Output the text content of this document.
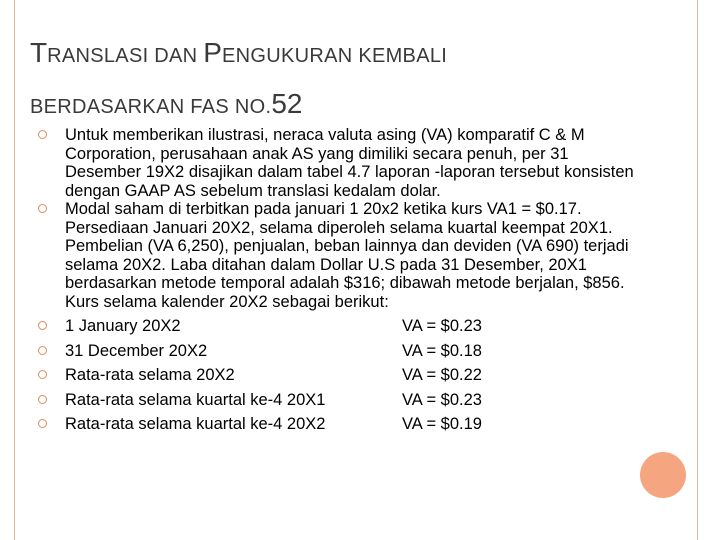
TRANSLASI DAN PENGUKURAN KEMBALI
BERDASARKAN FAS NO.52
Untuk memberikan ilustrasi, neraca valuta asing (VA) komparatif C & M Corporation, perusahaan anak AS yang dimiliki secara penuh, per 31 Desember 19X2 disajikan dalam tabel 4.7 laporan -laporan tersebut konsisten dengan GAAP AS sebelum translasi kedalam dolar.
Modal saham di terbitkan pada januari 1 20x2 ketika kurs VA1 = $0.17. Persediaan Januari 20X2, selama diperoleh selama kuartal keempat 20X1. Pembelian (VA 6,250), penjualan, beban lainnya dan deviden (VA 690) terjadi selama 20X2. Laba ditahan dalam Dollar U.S pada 31 Desember, 20X1 berdasarkan metode temporal adalah $316; dibawah metode berjalan, $856. Kurs selama kalender 20X2 sebagai berikut:
1 January 20X2	VA = $0.23
31 December 20X2	VA = $0.18
Rata-rata selama 20X2	VA = $0.22
Rata-rata selama kuartal ke-4 20X1	VA = $0.23
Rata-rata selama kuartal ke-4 20X2	VA = $0.19
